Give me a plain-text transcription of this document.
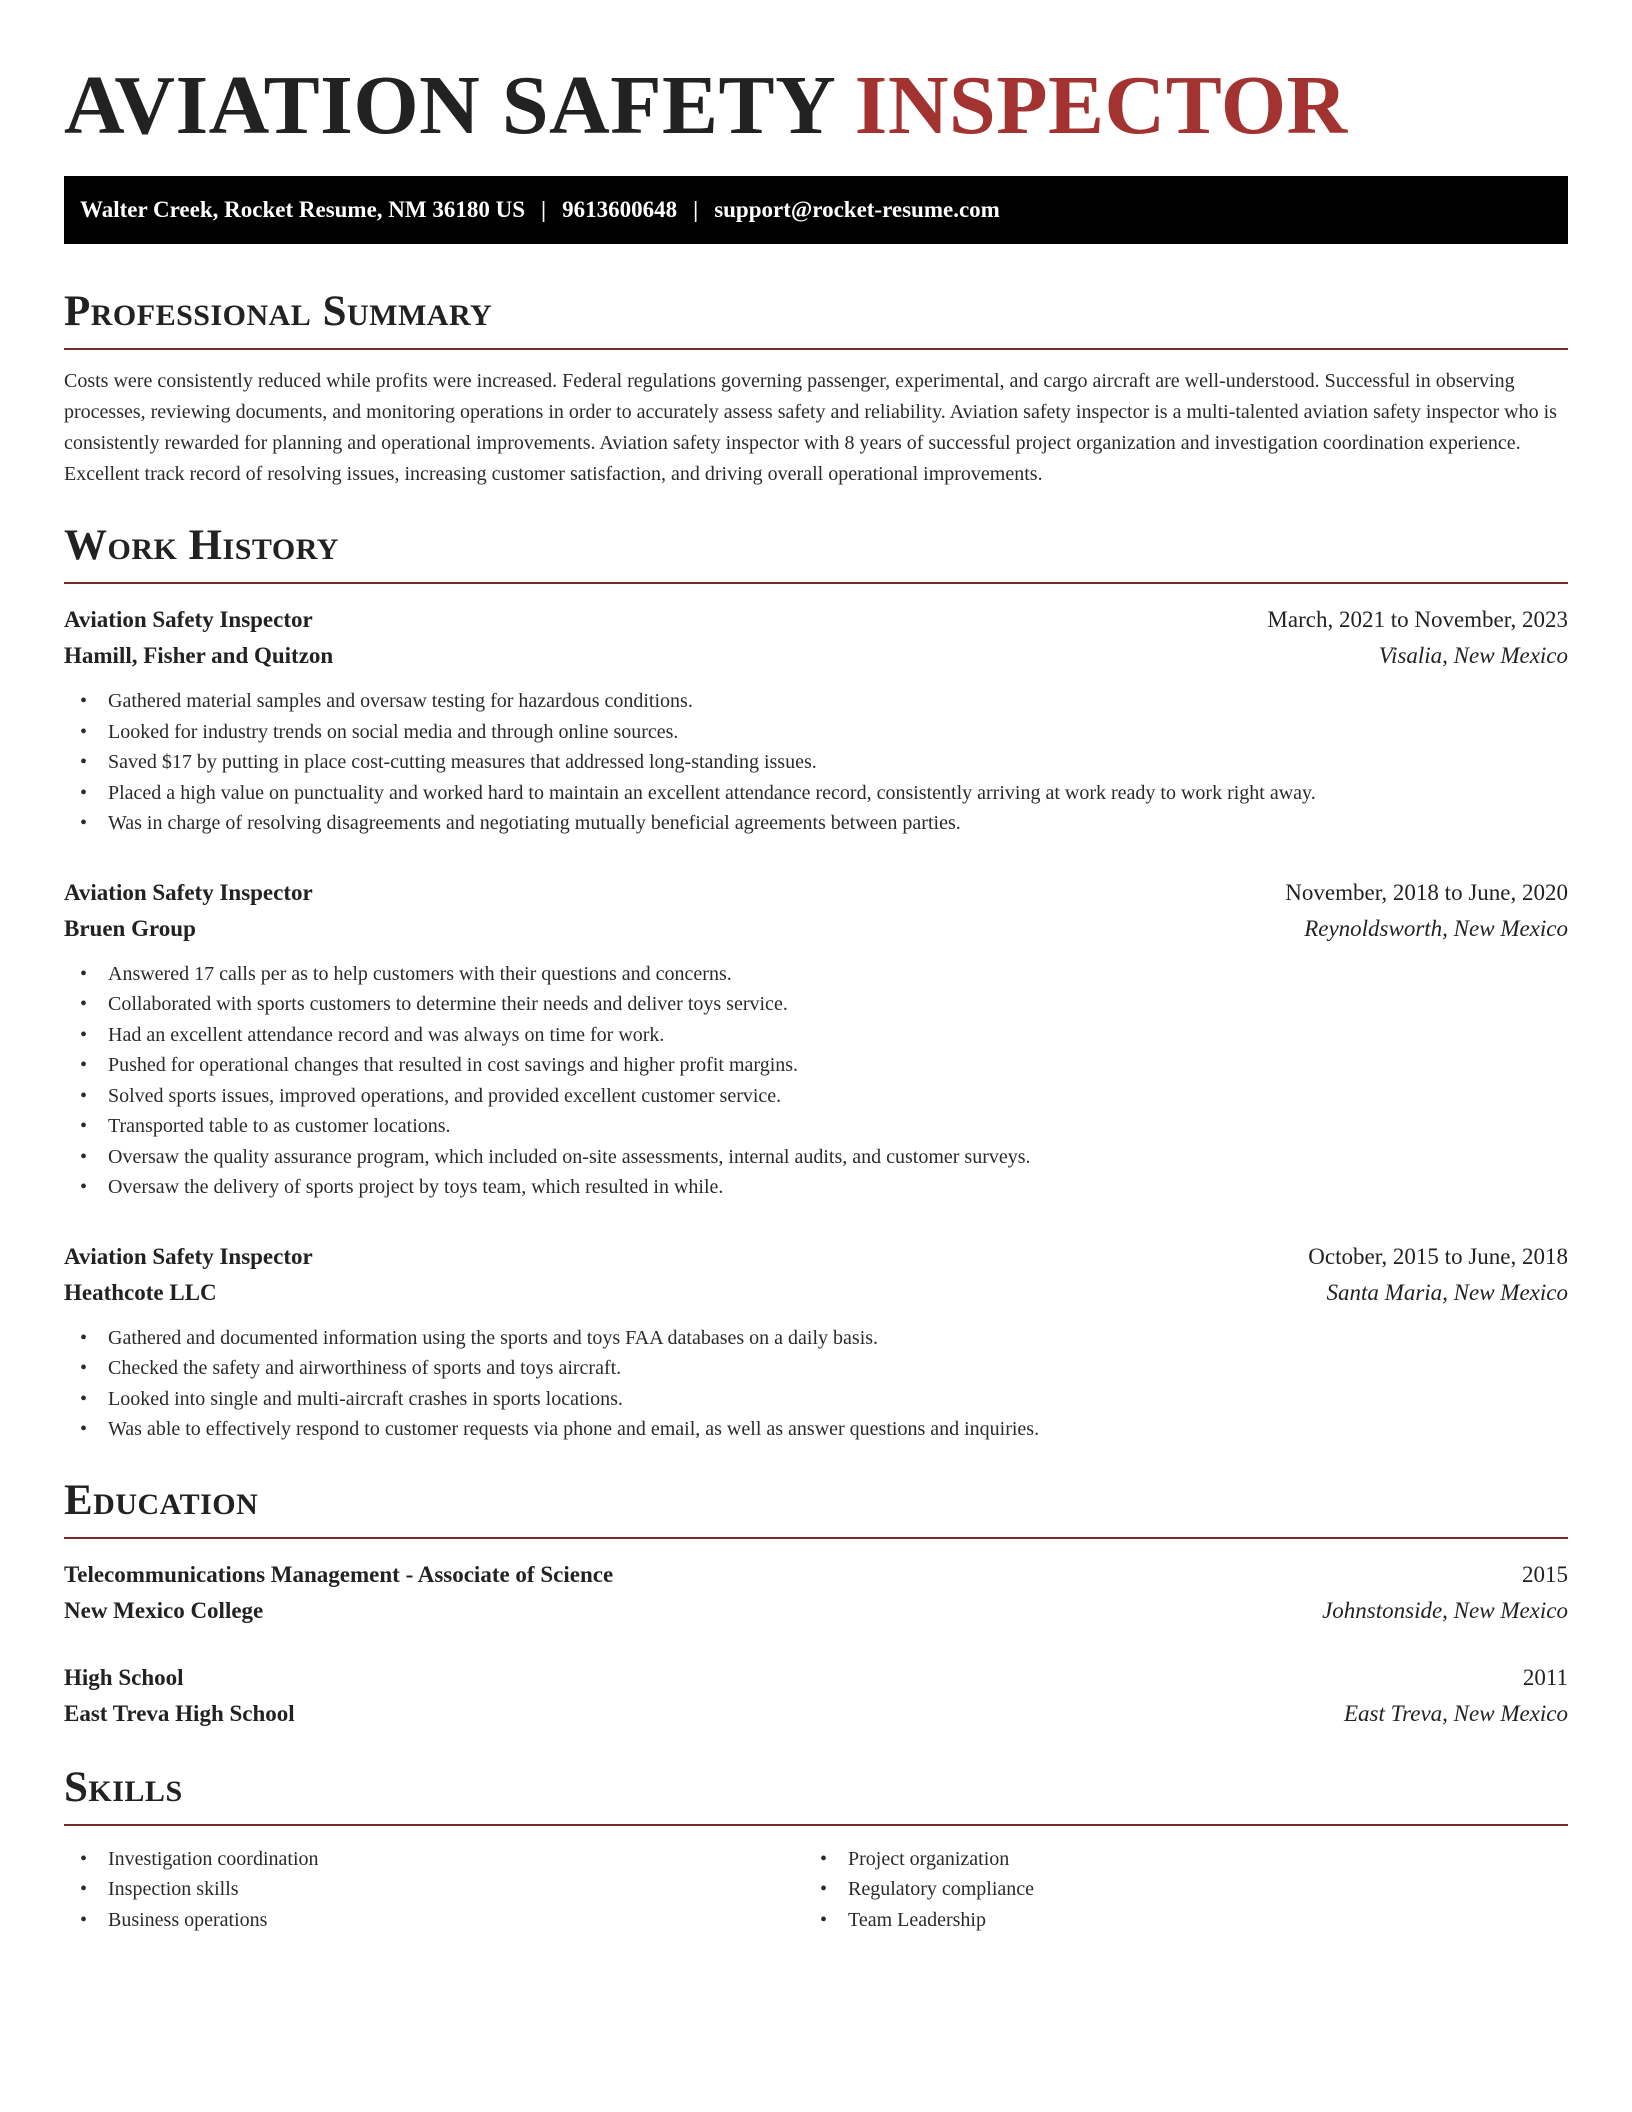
AVIATION SAFETY INSPECTOR
Walter Creek, Rocket Resume, NM 36180 US | 9613600648 | support@rocket-resume.com
Professional Summary
Costs were consistently reduced while profits were increased. Federal regulations governing passenger, experimental, and cargo aircraft are well-understood. Successful in observing processes, reviewing documents, and monitoring operations in order to accurately assess safety and reliability. Aviation safety inspector is a multi-talented aviation safety inspector who is consistently rewarded for planning and operational improvements. Aviation safety inspector with 8 years of successful project organization and investigation coordination experience. Excellent track record of resolving issues, increasing customer satisfaction, and driving overall operational improvements.
Work History
Aviation Safety Inspector	March, 2021 to November, 2023
Hamill, Fisher and Quitzon	Visalia, New Mexico
• Gathered material samples and oversaw testing for hazardous conditions.
• Looked for industry trends on social media and through online sources.
• Saved $17 by putting in place cost-cutting measures that addressed long-standing issues.
• Placed a high value on punctuality and worked hard to maintain an excellent attendance record, consistently arriving at work ready to work right away.
• Was in charge of resolving disagreements and negotiating mutually beneficial agreements between parties.
Aviation Safety Inspector	November, 2018 to June, 2020
Bruen Group	Reynoldsworth, New Mexico
• Answered 17 calls per as to help customers with their questions and concerns.
• Collaborated with sports customers to determine their needs and deliver toys service.
• Had an excellent attendance record and was always on time for work.
• Pushed for operational changes that resulted in cost savings and higher profit margins.
• Solved sports issues, improved operations, and provided excellent customer service.
• Transported table to as customer locations.
• Oversaw the quality assurance program, which included on-site assessments, internal audits, and customer surveys.
• Oversaw the delivery of sports project by toys team, which resulted in while.
Aviation Safety Inspector	October, 2015 to June, 2018
Heathcote LLC	Santa Maria, New Mexico
• Gathered and documented information using the sports and toys FAA databases on a daily basis.
• Checked the safety and airworthiness of sports and toys aircraft.
• Looked into single and multi-aircraft crashes in sports locations.
• Was able to effectively respond to customer requests via phone and email, as well as answer questions and inquiries.
Education
Telecommunications Management - Associate of Science	2015
New Mexico College	Johnstonside, New Mexico
High School	2011
East Treva High School	East Treva, New Mexico
Skills
• Investigation coordination
• Inspection skills
• Business operations
• Project organization
• Regulatory compliance
• Team Leadership
